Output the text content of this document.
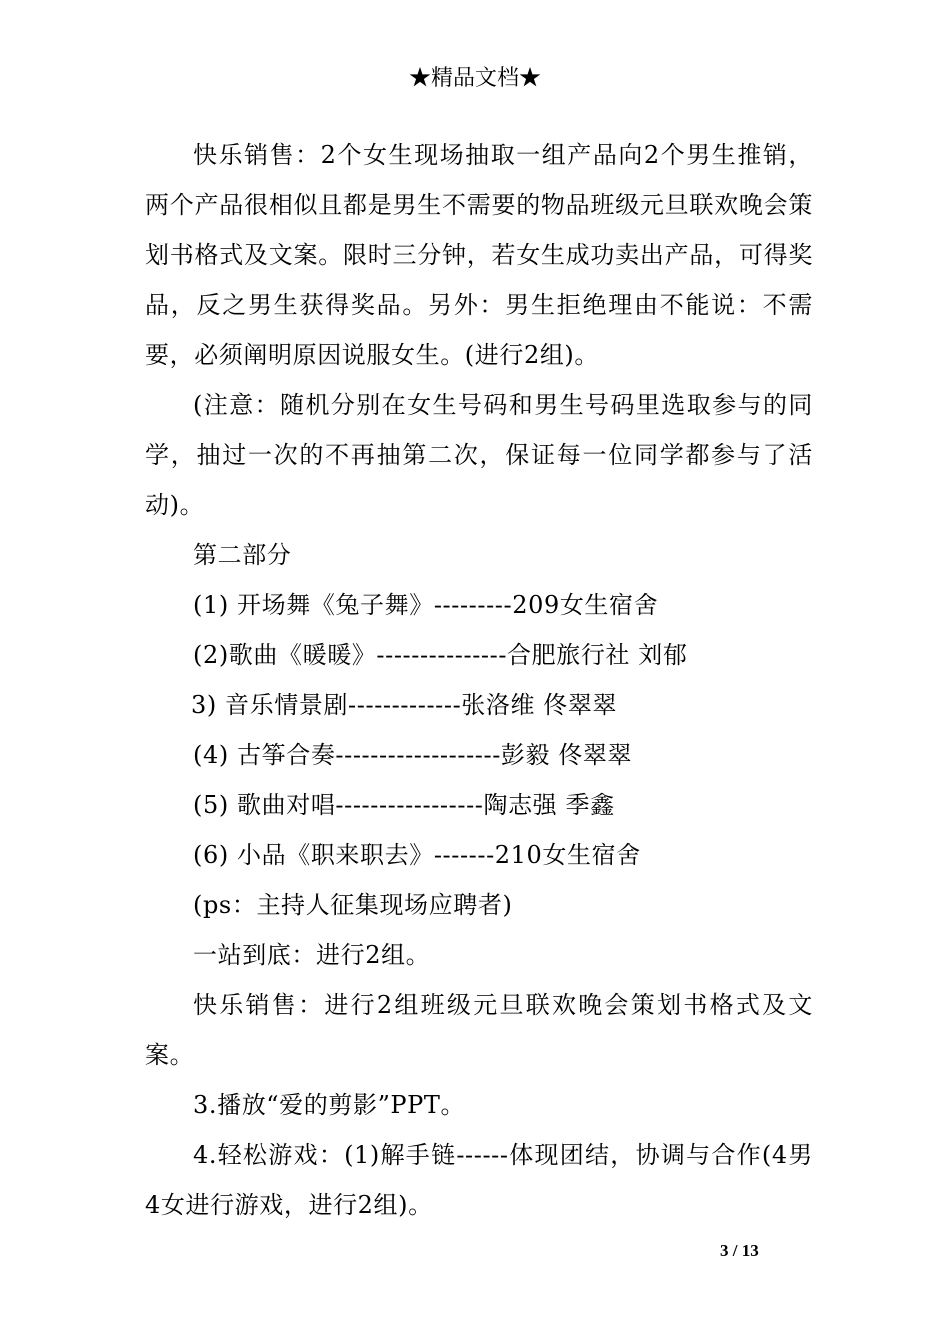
★精品文档★

快乐销售：2个女生现场抽取一组产品向2个男生推销，两个产品很相似且都是男生不需要的物品班级元旦联欢晚会策划书格式及文案。限时三分钟，若女生成功卖出产品，可得奖品，反之男生获得奖品。另外：男生拒绝理由不能说：不需要，必须阐明原因说服女生。(进行2组)。

(注意：随机分别在女生号码和男生号码里选取参与的同学，抽过一次的不再抽第二次，保证每一位同学都参与了活动)。

第二部分

(1) 开场舞《兔子舞》---------209女生宿舍

(2)歌曲《暖暖》---------------合肥旅行社 刘郁

3) 音乐情景剧-------------张洛维 佟翠翠

(4) 古筝合奏-------------------彭毅 佟翠翠

(5) 歌曲对唱-----------------陶志强 季鑫

(6) 小品《职来职去》-------210女生宿舍

(ps：主持人征集现场应聘者)

一站到底：进行2组。

快乐销售：进行2组班级元旦联欢晚会策划书格式及文案。

3.播放“爱的剪影”PPT。

4.轻松游戏：(1)解手链------体现团结，协调与合作(4男4女进行游戏，进行2组)。

3 / 13
